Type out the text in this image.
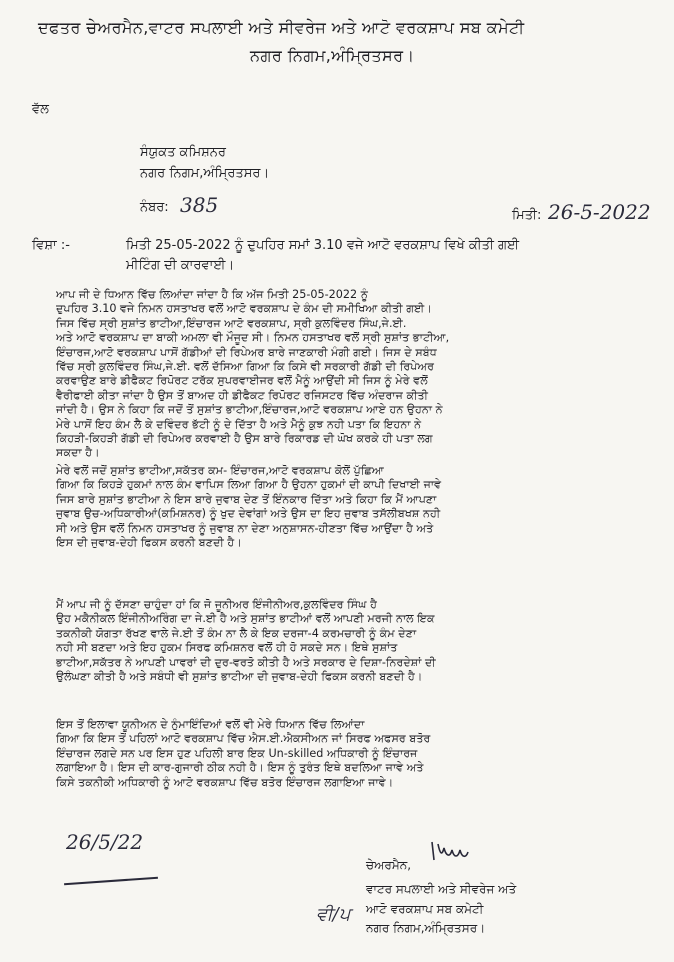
ਦਫਤਰ ਚੇਅਰਮੈਨ,ਵਾਟਰ ਸਪਲਾਈ ਅਤੇ ਸੀਵਰੇਜ ਅਤੇ ਆਟੋ ਵਰਕਸ਼ਾਪ ਸਬ ਕਮੇਟੀ
ਨਗਰ ਨਿਗਮ,ਅੰਮ੍ਰਿਤਸਰ।
ਵੱਲ
ਸੰਯੁਕਤ ਕਮਿਸ਼ਨਰ
ਨਗਰ ਨਿਗਮ,ਅੰਮ੍ਰਿਤਸਰ।
ਨੰਬਰ: 385	ਮਿਤੀ: 26-5-2022
ਵਿਸ਼ਾ :-	ਮਿਤੀ 25-05-2022 ਨੂੰ ਦੁਪਹਿਰ ਸਮਾਂ 3.10 ਵਜੇ ਆਟੋ ਵਰਕਸ਼ਾਪ ਵਿਖੇ ਕੀਤੀ ਗਈ
ਮੀਟਿੰਗ ਦੀ ਕਾਰਵਾਈ।
ਆਪ ਜੀ ਦੇ ਧਿਆਨ ਵਿੱਚ ਲਿਆਂਦਾ ਜਾਂਦਾ ਹੈ ਕਿ ਅੱਜ ਮਿਤੀ 25-05-2022 ਨੂੰ
ਦੁਪਹਿਰ 3.10 ਵਜੇ ਨਿਮਨ ਹਸਤਾਖਰ ਵਲੋਂ ਆਟੋ ਵਰਕਸ਼ਾਪ ਦੇ ਕੰਮ ਦੀ ਸਮੀਖਿਆ ਕੀਤੀ ਗਈ।
ਜਿਸ ਵਿੱਚ ਸ੍ਰੀ ਸੁਸ਼ਾਂਤ ਭਾਟੀਆ,ਇੰਚਾਰਜ ਆਟੋ ਵਰਕਸ਼ਾਪ, ਸ੍ਰੀ ਕੁਲਵਿੰਦਰ ਸਿੰਘ,ਜੇ.ਈ.
ਅਤੇ ਆਟੋ ਵਰਕਸ਼ਾਪ ਦਾ ਬਾਕੀ ਅਮਲਾ ਵੀ ਮੌਜੂਦ ਸੀ। ਨਿਮਨ ਹਸਤਾਖਰ ਵਲੋਂ ਸ੍ਰੀ ਸੁਸ਼ਾਂਤ ਭਾਟੀਆ,
ਇੰਚਾਰਜ,ਆਟੋ ਵਰਕਸ਼ਾਪ ਪਾਸੋਂ ਗੱਡੀਆਂ ਦੀ ਰਿਪੇਅਰ ਬਾਰੇ ਜਾਣਕਾਰੀ ਮੰਗੀ ਗਈ। ਜਿਸ ਦੇ ਸਬੰਧ
ਵਿੱਚ ਸ੍ਰੀ ਕੁਲਵਿੰਦਰ ਸਿੰਘ,ਜੇ.ਈ. ਵਲੋਂ ਦੱਸਿਆ ਗਿਆ ਕਿ ਕਿਸੇ ਵੀ ਸਰਕਾਰੀ ਗੱਡੀ ਦੀ ਰਿਪੇਅਰ
ਕਰਵਾਉਣ ਬਾਰੇ ਡੀਫੈਕਟ ਰਿਪੋਰਟ ਟਰੱਕ ਸੁਪਰਵਾਈਜਰ ਵਲੋਂ ਮੈਨੂੰ ਆਉਂਦੀ ਸੀ ਜਿਸ ਨੂੰ ਮੇਰੇ ਵਲੋਂ
ਵੈਰੀਫਾਈ ਕੀਤਾ ਜਾਂਦਾ ਹੈ ਉਸ ਤੋਂ ਬਾਅਦ ਹੀ ਡੀਫੈਕਟ ਰਿਪੋਰਟ ਰਜਿਸਟਰ ਵਿੱਚ ਅੰਦਰਾਜ ਕੀਤੀ
ਜਾਂਦੀ ਹੈ। ਉਸ ਨੇ ਕਿਹਾ ਕਿ ਜਦੋਂ ਤੋਂ ਸੁਸ਼ਾਂਤ ਭਾਟੀਆ,ਇੰਚਾਰਜ,ਆਟੋ ਵਰਕਸ਼ਾਪ ਆਏ ਹਨ ਉਹਨਾ ਨੇ
ਮੇਰੇ ਪਾਸੋਂ ਇਹ ਕੰਮ ਲੈ ਕੇ ਦਵਿੰਦਰ ਭੱਟੀ ਨੂੰ ਦੇ ਦਿੱਤਾ ਹੈ ਅਤੇ ਮੈਨੂੰ ਕੁਝ ਨਹੀ ਪਤਾ ਕਿ ਇਹਨਾ ਨੇ
ਕਿਹੜੀ-ਕਿਹੜੀ ਗੱਡੀ ਦੀ ਰਿਪੇਅਰ ਕਰਵਾਈ ਹੈ ਉਸ ਬਾਰੇ ਰਿਕਾਰਡ ਦੀ ਘੋਖ ਕਰਕੇ ਹੀ ਪਤਾ ਲਗ
ਸਕਦਾ ਹੈ।
ਮੇਰੇ ਵਲੋਂ ਜਦੋਂ ਸੁਸ਼ਾਂਤ ਭਾਟੀਆ,ਸਕੱਤਰ ਕਮ- ਇੰਚਾਰਜ,ਆਟੋ ਵਰਕਸ਼ਾਪ ਕੋਲੋਂ ਪੁੱਛਿਆ
ਗਿਆ ਕਿ ਕਿਹੜੇ ਹੁਕਮਾਂ ਨਾਲ ਕੰਮ ਵਾਪਿਸ ਲਿਆ ਗਿਆ ਹੈ ਉਹਨਾ ਹੁਕਮਾਂ ਦੀ ਕਾਪੀ ਦਿਖਾਈ ਜਾਵੇ
ਜਿਸ ਬਾਰੇ ਸੁਸ਼ਾਂਤ ਭਾਟੀਆ ਨੇ ਇਸ ਬਾਰੇ ਜੁਵਾਬ ਦੇਣ ਤੋਂ ਇੰਨਕਾਰ ਦਿੱਤਾ ਅਤੇ ਕਿਹਾ ਕਿ ਮੈਂ ਆਪਣਾ
ਜੁਵਾਬ ਉਚ-ਅਧਿਕਾਰੀਆਂ(ਕਮਿਸ਼ਨਰ) ਨੂੰ ਖੁਦ ਦੇਵਾਂਗਾਂ ਅਤੇ ਉਸ ਦਾ ਇਹ ਜੁਵਾਬ ਤਸੱਲੀਬਖਸ਼ ਨਹੀ
ਸੀ ਅਤੇ ਉਸ ਵਲੋਂ ਨਿਮਨ ਹਸਤਾਖਰ ਨੂੰ ਜੁਵਾਬ ਨਾ ਦੇਣਾ ਅਨੁਸ਼ਾਸਨ-ਹੀਣਤਾ ਵਿੱਚ ਆਉਂਦਾ ਹੈ ਅਤੇ
ਇਸ ਦੀ ਜੁਵਾਬ-ਦੇਹੀ ਫਿਕਸ ਕਰਨੀ ਬਣਦੀ ਹੈ।
ਮੈਂ ਆਪ ਜੀ ਨੂੰ ਦੱਸਣਾ ਚਾਹੁੰਦਾ ਹਾਂ ਕਿ ਜੋ ਜੂਨੀਅਰ ਇੰਜੀਨੀਅਰ,ਕੁਲਵਿੰਦਰ ਸਿੰਘ ਹੈ
ਉਹ ਮਕੈਨੀਕਲ ਇੰਜੀਨੀਅਰਿੰਗ ਦਾ ਜੇ.ਈ ਹੈ ਅਤੇ ਸੁਸ਼ਾਂਤ ਭਾਟੀਆਂ ਵਲੋਂ ਆਪਣੀ ਮਰਜੀ ਨਾਲ ਇਕ
ਤਕਨੀਕੀ ਯੋਗਤਾ ਰੱਖਣ ਵਾਲੇ ਜੇ.ਈ ਤੋਂ ਕੰਮ ਨਾ ਲੈ ਕੇ ਇਕ ਦਰਜਾ-4 ਕਰਮਚਾਰੀ ਨੂੰ ਕੰਮ ਦੇਣਾ
ਨਹੀ ਸੀ ਬਣਦਾ ਅਤੇ ਇਹ ਹੁਕਮ ਸਿਰਫ ਕਮਿਸ਼ਨਰ ਵਲੋਂ ਹੀ ਹੋ ਸਕਦੇ ਸਨ। ਇਥੇ ਸੁਸ਼ਾਂਤ
ਭਾਟੀਆ,ਸਕੱਤਰ ਨੇ ਆਪਣੀ ਪਾਵਰਾਂ ਦੀ ਦੁਰ-ਵਰਤੋ ਕੀਤੀ ਹੈ ਅਤੇ ਸਰਕਾਰ ਦੇ ਦਿਸ਼ਾ-ਨਿਰਦੇਸ਼ਾਂ ਦੀ
ਉਲੰਘਣਾ ਕੀਤੀ ਹੈ ਅਤੇ ਸਬੰਧੀ ਵੀ ਸੁਸ਼ਾਂਤ ਭਾਟੀਆ ਦੀ ਜੁਵਾਬ-ਦੇਹੀ ਫਿਕਸ ਕਰਨੀ ਬਣਦੀ ਹੈ।
ਇਸ ਤੋਂ ਇਲਾਵਾ ਯੂਨੀਅਨ ਦੇ ਨੁੰਮਾਇੰਦਿਆਂ ਵਲੋਂ ਵੀ ਮੇਰੇ ਧਿਆਨ ਵਿੱਚ ਲਿਆਂਦਾ
ਗਿਆ ਕਿ ਇਸ ਤੋਂ ਪਹਿਲਾਂ ਆਟੋ ਵਰਕਸ਼ਾਪ ਵਿੱਚ ਐਸ.ਈ.ਐਕਸੀਅਨ ਜਾਂ ਸਿਰਫ ਅਫਸਰ ਬਤੋਰ
ਇੰਚਾਰਜ ਲਗਦੇ ਸਨ ਪਰ ਇਸ ਹੁਣ ਪਹਿਲੀ ਬਾਰ ਇਕ Un-skilled ਅਧਿਕਾਰੀ ਨੂੰ ਇੰਚਾਰਜ
ਲਗਾਇਆ ਹੈ। ਇਸ ਦੀ ਕਾਰ-ਗੁਜਾਰੀ ਠੀਕ ਨਹੀ ਹੈ। ਇਸ ਨੂੰ ਤੁਰੰਤ ਇਥੇ ਬਦਲਿਆ ਜਾਵੇ ਅਤੇ
ਕਿਸੇ ਤਕਨੀਕੀ ਅਧਿਕਾਰੀ ਨੂੰ ਆਟੋ ਵਰਕਸ਼ਾਪ ਵਿੱਚ ਬਤੋਰ ਇੰਚਾਰਜ ਲਗਾਇਆ ਜਾਵੇ।
26/5/22
ਵੀ/ਪ
ਚੇਅਰਮੈਨ,
ਵਾਟਰ ਸਪਲਾਈ ਅਤੇ ਸੀਵਰੇਜ ਅਤੇ
ਆਟੋ ਵਰਕਸ਼ਾਪ ਸਬ ਕਮੇਟੀ
ਨਗਰ ਨਿਗਮ,ਅੰਮ੍ਰਿਤਸਰ।
